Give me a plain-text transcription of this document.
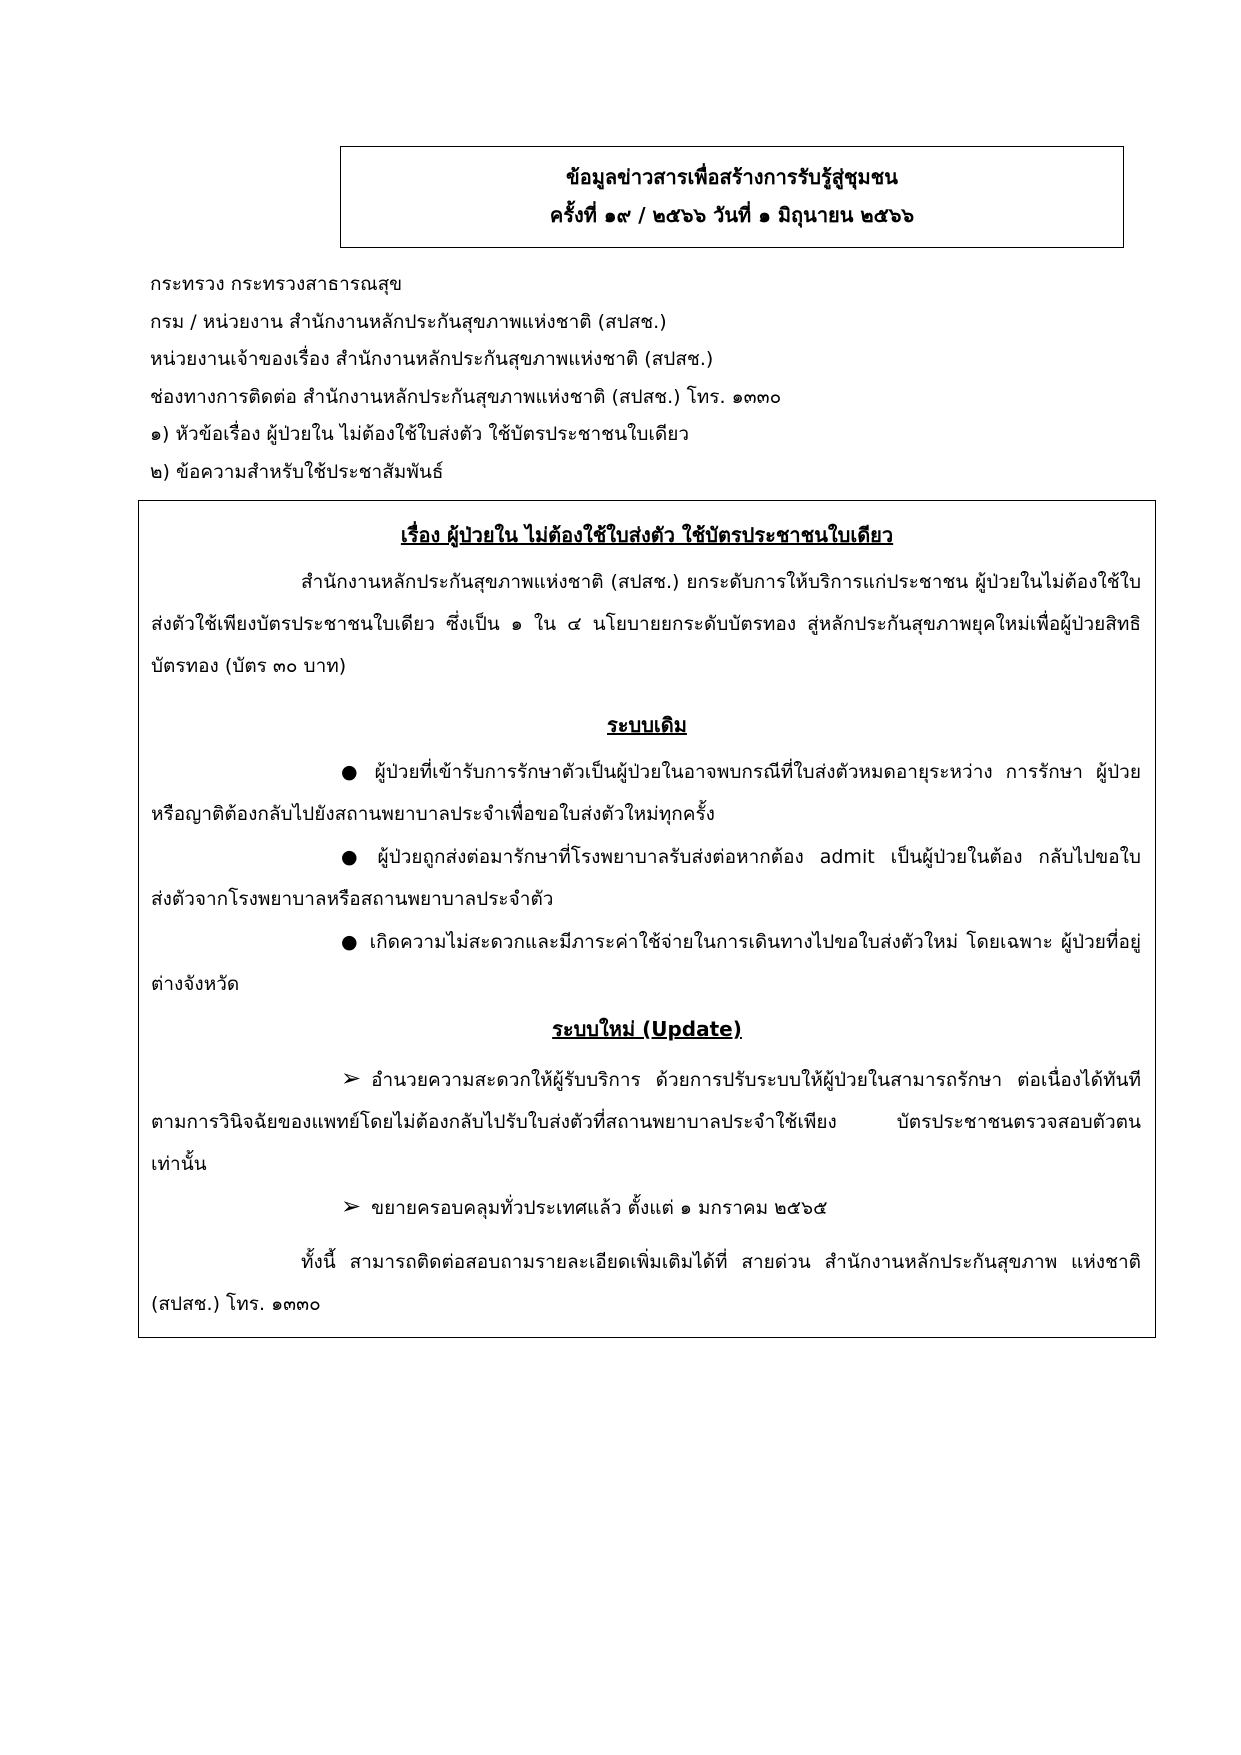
ข้อมูลข่าวสารเพื่อสร้างการรับรู้สู่ชุมชน
ครั้งที่ ๑๙ / ๒๕๖๖ วันที่ ๑ มิถุนายน ๒๕๖๖
กระทรวง กระทรวงสาธารณสุข
กรม / หน่วยงาน สำนักงานหลักประกันสุขภาพแห่งชาติ (สปสช.)
หน่วยงานเจ้าของเรื่อง สำนักงานหลักประกันสุขภาพแห่งชาติ (สปสช.)
ช่องทางการติดต่อ สำนักงานหลักประกันสุขภาพแห่งชาติ (สปสช.) โทร. ๑๓๓๐
๑) หัวข้อเรื่อง ผู้ป่วยใน ไม่ต้องใช้ใบส่งตัว ใช้บัตรประชาชนใบเดียว
๒) ข้อความสำหรับใช้ประชาสัมพันธ์
เรื่อง ผู้ป่วยใน ไม่ต้องใช้ใบส่งตัว ใช้บัตรประชาชนใบเดียว
สำนักงานหลักประกันสุขภาพแห่งชาติ (สปสช.) ยกระดับการให้บริการแก่ประชาชน ผู้ป่วยในไม่ต้องใช้ใบส่งตัวใช้เพียงบัตรประชาชนใบเดียว ซึ่งเป็น ๑ ใน ๔ นโยบายยกระดับบัตรทอง สู่หลักประกันสุขภาพยุคใหม่เพื่อผู้ป่วยสิทธิบัตรทอง (บัตร ๓๐ บาท)
ระบบเดิม
● ผู้ป่วยที่เข้ารับการรักษาตัวเป็นผู้ป่วยในอาจพบกรณีที่ใบส่งตัวหมดอายุระหว่าง การรักษา ผู้ป่วยหรือญาติต้องกลับไปยังสถานพยาบาลประจำเพื่อขอใบส่งตัวใหม่ทุกครั้ง
● ผู้ป่วยถูกส่งต่อมารักษาที่โรงพยาบาลรับส่งต่อหากต้อง admit เป็นผู้ป่วยในต้อง กลับไปขอใบส่งตัวจากโรงพยาบาลหรือสถานพยาบาลประจำตัว
● เกิดความไม่สะดวกและมีภาระค่าใช้จ่ายในการเดินทางไปขอใบส่งตัวใหม่ โดยเฉพาะ ผู้ป่วยที่อยู่ต่างจังหวัด
ระบบใหม่ (Update)
➢ อำนวยความสะดวกให้ผู้รับบริการ ด้วยการปรับระบบให้ผู้ป่วยในสามารถรักษา ต่อเนื่องได้ทันที ตามการวินิจฉัยของแพทย์โดยไม่ต้องกลับไปรับใบส่งตัวที่สถานพยาบาลประจำใช้เพียง บัตรประชาชนตรวจสอบตัวตนเท่านั้น
➢ ขยายครอบคลุมทั่วประเทศแล้ว ตั้งแต่ ๑ มกราคม ๒๕๖๕
ทั้งนี้ สามารถติดต่อสอบถามรายละเอียดเพิ่มเติมได้ที่ สายด่วน สำนักงานหลักประกันสุขภาพ แห่งชาติ (สปสช.) โทร. ๑๓๓๐
